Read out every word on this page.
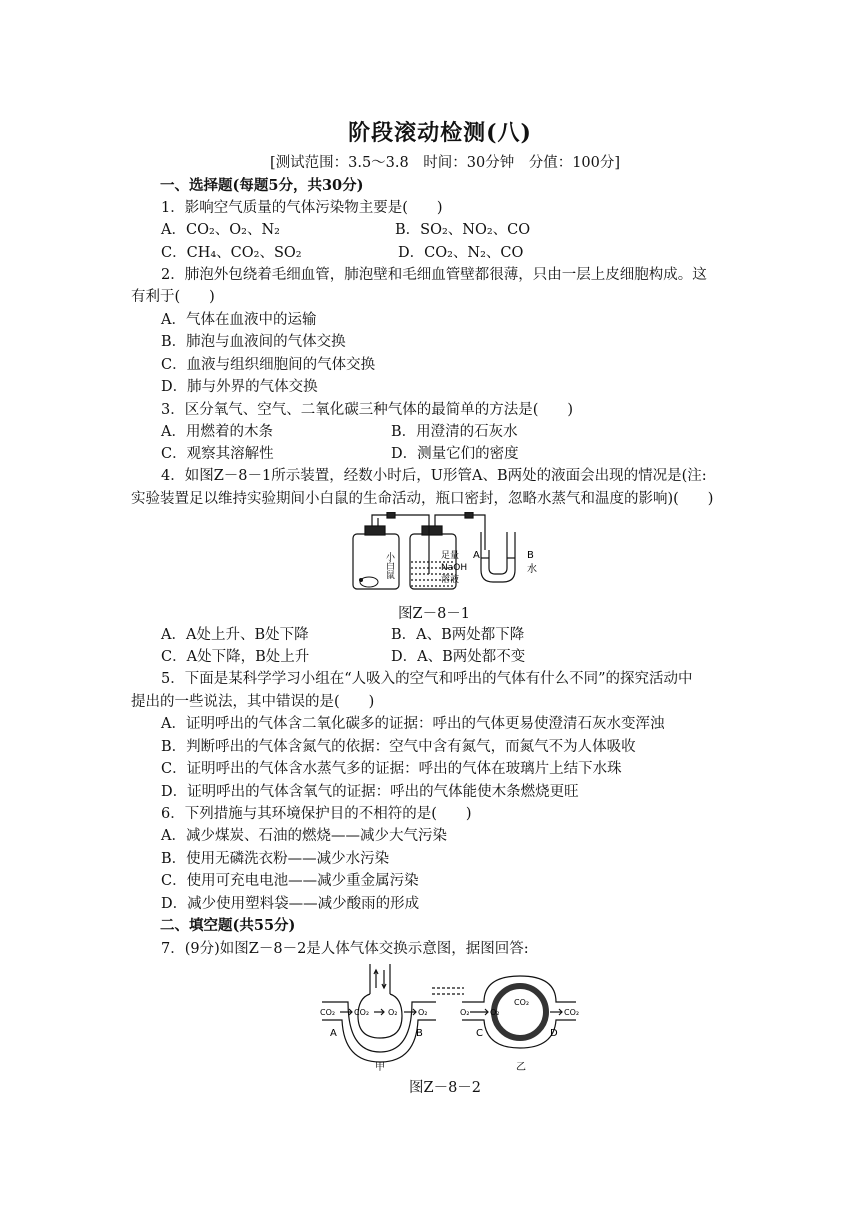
阶段滚动检测(八)
[测试范围：3.5～3.8　时间：30分钟　分值：100分]
一、选择题(每题5分，共30分)
1．影响空气质量的气体污染物主要是(　　)
A．CO₂、O₂、N₂	B．SO₂、NO₂、CO
C．CH₄、CO₂、SO₂	D．CO₂、N₂、CO
2．肺泡外包绕着毛细血管，肺泡壁和毛细血管壁都很薄，只由一层上皮细胞构成。这
有利于(　　)
A．气体在血液中的运输
B．肺泡与血液间的气体交换
C．血液与组织细胞间的气体交换
D．肺与外界的气体交换
3．区分氧气、空气、二氧化碳三种气体的最简单的方法是(　　)
A．用燃着的木条	B．用澄清的石灰水
C．观察其溶解性	D．测量它们的密度
4．如图Z－8－1所示装置，经数小时后，U形管A、B两处的液面会出现的情况是(注:
实验装置足以维持实验期间小白鼠的生命活动，瓶口密封，忽略水蒸气和温度的影响)(　　)
小白鼠	足量
NaOH
溶液
A	B
水
图Z－8－1
A．A处上升、B处下降	B．A、B两处都下降
C．A处下降，B处上升	D．A、B两处都不变
5．下面是某科学学习小组在“人吸入的空气和呼出的气体有什么不同”的探究活动中
提出的一些说法，其中错误的是(　　)
A．证明呼出的气体含二氧化碳多的证据：呼出的气体更易使澄清石灰水变浑浊
B．判断呼出的气体含氮气的依据：空气中含有氮气，而氮气不为人体吸收
C．证明呼出的气体含水蒸气多的证据：呼出的气体在玻璃片上结下水珠
D．证明呼出的气体含氧气的证据：呼出的气体能使木条燃烧更旺
6．下列措施与其环境保护目的不相符的是(　　)
A．减少煤炭、石油的燃烧——减少大气污染
B．使用无磷洗衣粉——减少水污染
C．使用可充电电池——减少重金属污染
D．减少使用塑料袋——减少酸雨的形成
二、填空题(共55分)
7．(9分)如图Z－8－2是人体气体交换示意图，据图回答:
CO₂ CO₂ O₂	O₂
A	B
甲
O₂	O₂
CO₂
CO₂
C	D
乙
图Z－8－2
